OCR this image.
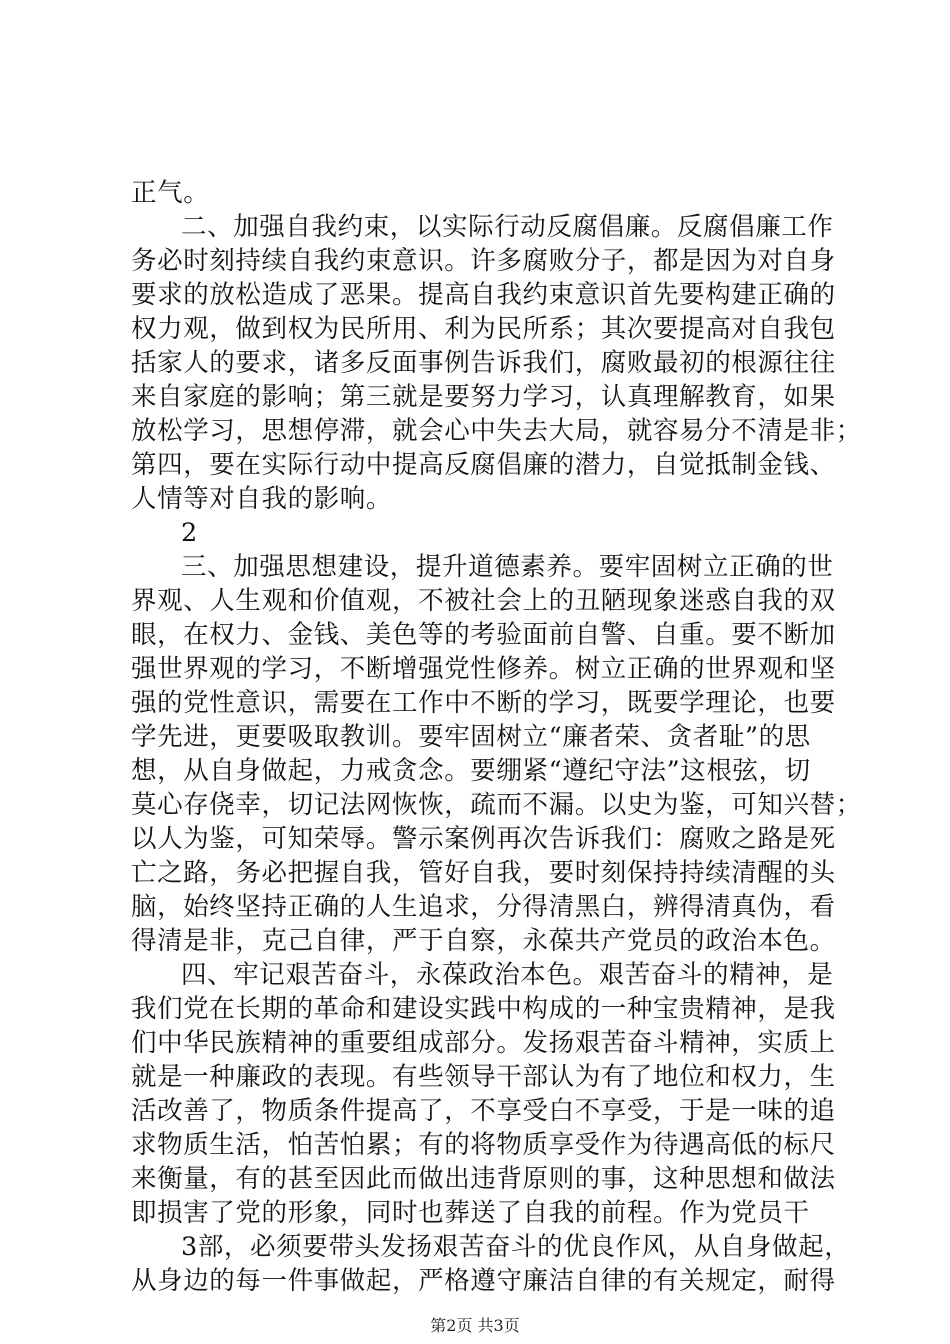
正气。
二、加强自我约束，以实际行动反腐倡廉。反腐倡廉工作
务必时刻持续自我约束意识。许多腐败分子，都是因为对自身
要求的放松造成了恶果。提高自我约束意识首先要构建正确的
权力观，做到权为民所用、利为民所系；其次要提高对自我包
括家人的要求，诸多反面事例告诉我们，腐败最初的根源往往
来自家庭的影响；第三就是要努力学习，认真理解教育，如果
放松学习，思想停滞，就会心中失去大局，就容易分不清是非；
第四，要在实际行动中提高反腐倡廉的潜力，自觉抵制金钱、
人情等对自我的影响。
2
三、加强思想建设，提升道德素养。要牢固树立正确的世
界观、人生观和价值观，不被社会上的丑陋现象迷惑自我的双
眼，在权力、金钱、美色等的考验面前自警、自重。要不断加
强世界观的学习，不断增强党性修养。树立正确的世界观和坚
强的党性意识，需要在工作中不断的学习，既要学理论，也要
学先进，更要吸取教训。要牢固树立“廉者荣、贪者耻”的思
想，从自身做起，力戒贪念。要绷紧“遵纪守法”这根弦，切
莫心存侥幸，切记法网恢恢，疏而不漏。以史为鉴，可知兴替；
以人为鉴，可知荣辱。警示案例再次告诉我们：腐败之路是死
亡之路，务必把握自我，管好自我，要时刻保持持续清醒的头
脑，始终坚持正确的人生追求，分得清黑白，辨得清真伪，看
得清是非，克己自律，严于自察，永葆共产党员的政治本色。
四、牢记艰苦奋斗，永葆政治本色。艰苦奋斗的精神，是
我们党在长期的革命和建设实践中构成的一种宝贵精神，是我
们中华民族精神的重要组成部分。发扬艰苦奋斗精神，实质上
就是一种廉政的表现。有些领导干部认为有了地位和权力，生
活改善了，物质条件提高了，不享受白不享受，于是一味的追
求物质生活，怕苦怕累；有的将物质享受作为待遇高低的标尺
来衡量，有的甚至因此而做出违背原则的事，这种思想和做法
即损害了党的形象，同时也葬送了自我的前程。作为党员干
3部，必须要带头发扬艰苦奋斗的优良作风，从自身做起，
从身边的每一件事做起，严格遵守廉洁自律的有关规定，耐得
第2页 共3页
